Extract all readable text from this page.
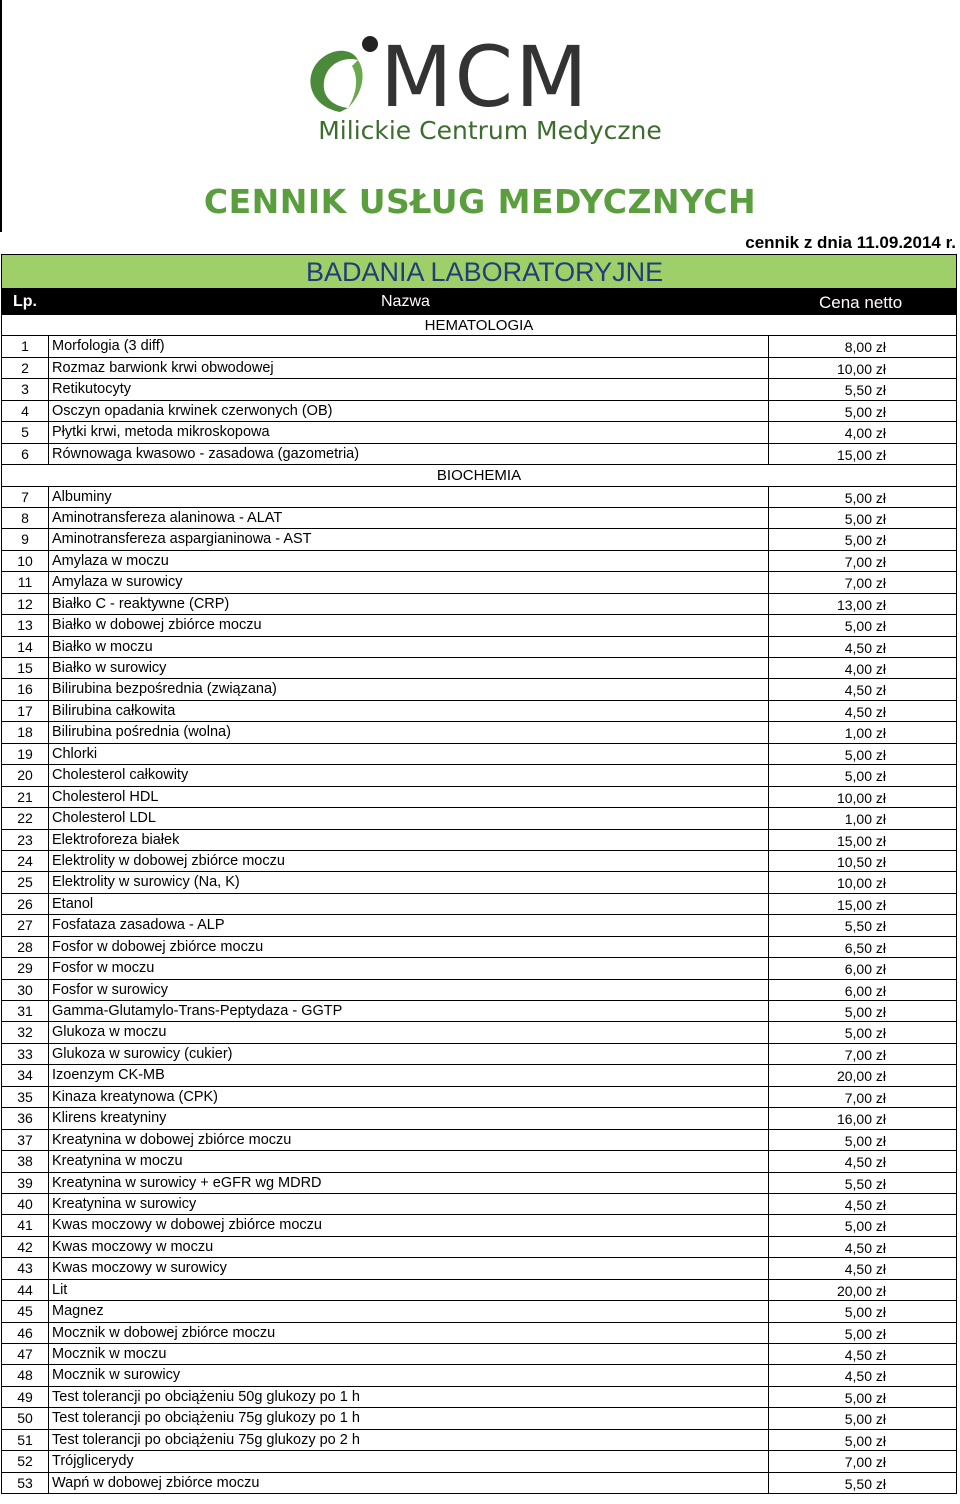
MCM
Milickie Centrum Medyczne
CENNIK USŁUG MEDYCZNYCH
cennik z dnia 11.09.2014 r.
BADANIA LABORATORYJNE
Lp.	Nazwa	Cena netto
HEMATOLOGIA
1	Morfologia (3 diff)	8,00 zł
2	Rozmaz barwionk krwi obwodowej	10,00 zł
3	Retikutocyty	5,50 zł
4	Osczyn opadania krwinek czerwonych (OB)	5,00 zł
5	Płytki krwi, metoda mikroskopowa	4,00 zł
6	Równowaga kwasowo - zasadowa (gazometria)	15,00 zł
BIOCHEMIA
7	Albuminy	5,00 zł
8	Aminotransfereza alaninowa - ALAT	5,00 zł
9	Aminotransfereza aspargianinowa - AST	5,00 zł
10	Amylaza w moczu	7,00 zł
11	Amylaza w surowicy	7,00 zł
12	Białko C - reaktywne (CRP)	13,00 zł
13	Białko w dobowej zbiórce moczu	5,00 zł
14	Białko w moczu	4,50 zł
15	Białko w surowicy	4,00 zł
16	Bilirubina bezpośrednia (związana)	4,50 zł
17	Bilirubina całkowita	4,50 zł
18	Bilirubina pośrednia (wolna)	1,00 zł
19	Chlorki	5,00 zł
20	Cholesterol całkowity	5,00 zł
21	Cholesterol HDL	10,00 zł
22	Cholesterol LDL	1,00 zł
23	Elektroforeza białek	15,00 zł
24	Elektrolity w dobowej zbiórce moczu	10,50 zł
25	Elektrolity w surowicy (Na, K)	10,00 zł
26	Etanol	15,00 zł
27	Fosfataza zasadowa - ALP	5,50 zł
28	Fosfor w dobowej zbiórce moczu	6,50 zł
29	Fosfor w moczu	6,00 zł
30	Fosfor w surowicy	6,00 zł
31	Gamma-Glutamylo-Trans-Peptydaza - GGTP	5,00 zł
32	Glukoza w moczu	5,00 zł
33	Glukoza w surowicy (cukier)	7,00 zł
34	Izoenzym CK-MB	20,00 zł
35	Kinaza kreatynowa (CPK)	7,00 zł
36	Klirens kreatyniny	16,00 zł
37	Kreatynina w dobowej zbiórce moczu	5,00 zł
38	Kreatynina w moczu	4,50 zł
39	Kreatynina w surowicy + eGFR wg MDRD	5,50 zł
40	Kreatynina w surowicy	4,50 zł
41	Kwas moczowy w dobowej zbiórce moczu	5,00 zł
42	Kwas moczowy w moczu	4,50 zł
43	Kwas moczowy w surowicy	4,50 zł
44	Lit	20,00 zł
45	Magnez	5,00 zł
46	Mocznik w dobowej zbiórce moczu	5,00 zł
47	Mocznik w moczu	4,50 zł
48	Mocznik w surowicy	4,50 zł
49	Test tolerancji po obciążeniu 50g glukozy po 1 h	5,00 zł
50	Test tolerancji po obciążeniu 75g glukozy po 1 h	5,00 zł
51	Test tolerancji po obciążeniu 75g glukozy po 2 h	5,00 zł
52	Trójglicerydy	7,00 zł
53	Wapń w dobowej zbiórce moczu	5,50 zł
